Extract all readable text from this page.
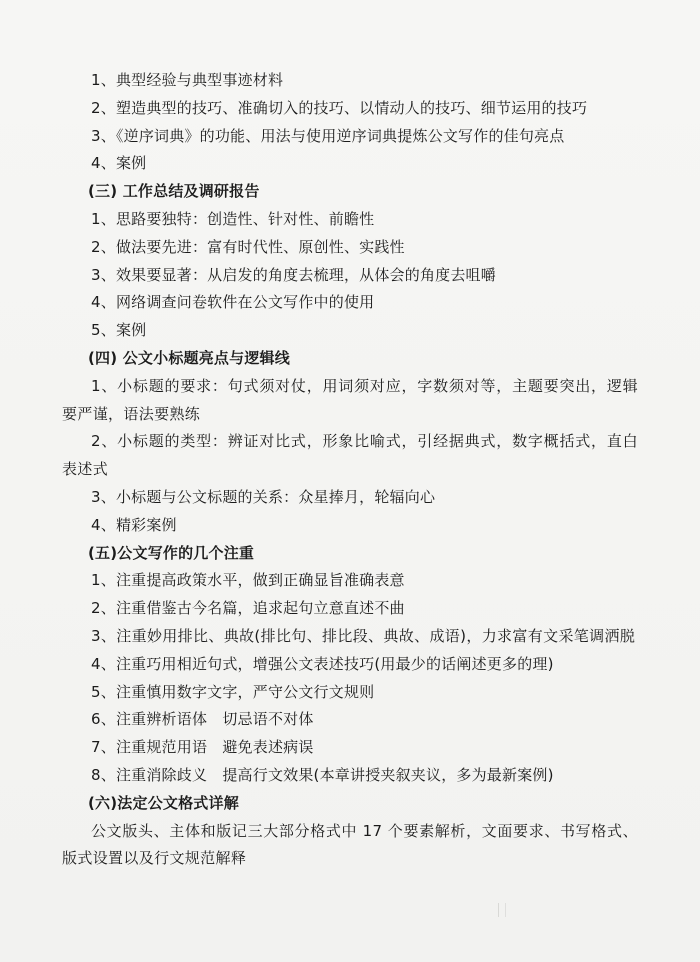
1、典型经验与典型事迹材料
2、塑造典型的技巧、准确切入的技巧、以情动人的技巧、细节运用的技巧
3、《逆序词典》的功能、用法与使用逆序词典提炼公文写作的佳句亮点
4、案例
(三) 工作总结及调研报告
1、思路要独特：创造性、针对性、前瞻性
2、做法要先进：富有时代性、原创性、实践性
3、效果要显著：从启发的角度去梳理，从体会的角度去咀嚼
4、网络调查问卷软件在公文写作中的使用
5、案例
(四) 公文小标题亮点与逻辑线
1、小标题的要求：句式须对仗，用词须对应，字数须对等，主题要突出，逻辑要严谨，语法要熟练
2、小标题的类型：辨证对比式，形象比喻式，引经据典式，数字概括式，直白表述式
3、小标题与公文标题的关系：众星捧月，轮辐向心
4、精彩案例
(五)公文写作的几个注重
1、注重提高政策水平，做到正确显旨准确表意
2、注重借鉴古今名篇，追求起句立意直述不曲
3、注重妙用排比、典故(排比句、排比段、典故、成语)，力求富有文采笔调洒脱
4、注重巧用相近句式，增强公文表述技巧(用最少的话阐述更多的理)
5、注重慎用数字文字，严守公文行文规则
6、注重辨析语体　切忌语不对体
7、注重规范用语　避免表述病误
8、注重消除歧义　提高行文效果(本章讲授夹叙夹议，多为最新案例)
(六)法定公文格式详解
公文版头、主体和版记三大部分格式中 17 个要素解析，文面要求、书写格式、版式设置以及行文规范解释
